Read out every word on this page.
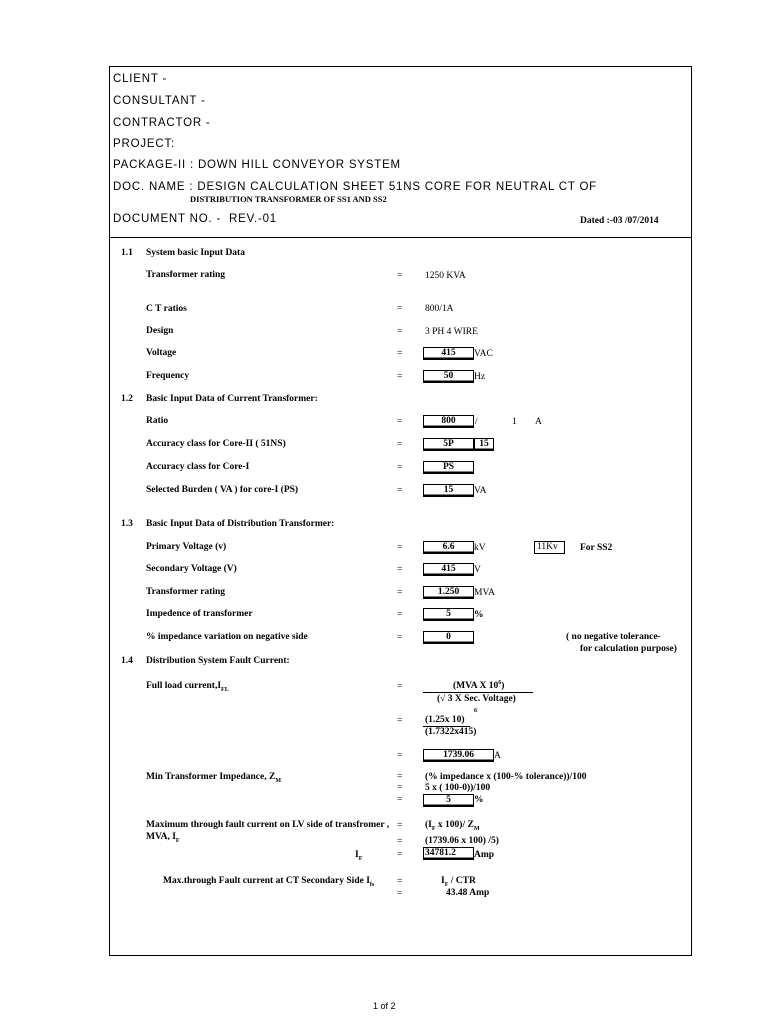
CLIENT -
CONSULTANT -
CONTRACTOR -
PROJECT:
PACKAGE-II : DOWN HILL CONVEYOR SYSTEM
DOC. NAME : DESIGN CALCULATION SHEET 51NS CORE FOR NEUTRAL CT OF
DISTRIBUTION TRANSFORMER OF SS1 AND SS2
DOCUMENT NO. - REV.-01	Dated :-03 /07/2014
1.1 System basic Input Data
Transformer rating	= 1250 KVA
C T ratios	= 800/1A
Design	= 3 PH 4 WIRE
Voltage	=	415	VAC
Frequency	=	50	Hz
1.2 Basic Input Data of Current Transformer:
Ratio	=	800	/	1 A
Accuracy class for Core-II ( 51NS)	=	5P	15
Accuracy class for Core-I	=	PS
Selected Burden ( VA ) for core-I (PS)	=	15	VA
1.3 Basic Input Data of Distribution Transformer:
Primary Voltage (v)	=	6.6	kV	11Kv	For SS2
Secondary Voltage (V)	=	415	V
Transformer rating	=	1.250	MVA
Impedence of transformer	=	5	%
% impedance variation on negative side	=	0	( no negative tolerance-
for calculation purpose)
1.4 Distribution System Fault Current:
Full load $current,I_{FL}$	=	(MVA X $10^6$)
(√ 3 X Sec. Voltage)
=
6
(1.25x 10)
(1.7322x415)
=	1739.06	A
Min Transformer Impedance, $Z_M$	= (% impedance x (100-% tolerance))/100
= 5 x ( 100-0))/100
=	5	%
Maximum through fault current on LV side of transfromer ,
MVA, $I_F$
= ($I_F$ x 100)/ $Z_M$
= (1739.06 x 100) /5)
$I_F$	= 34781.2	Amp
Max.through Fault current at CT Secondary Side $I_{fs}$ =	$I_F$ / CTR
=	43.48 Amp
1 of 2
